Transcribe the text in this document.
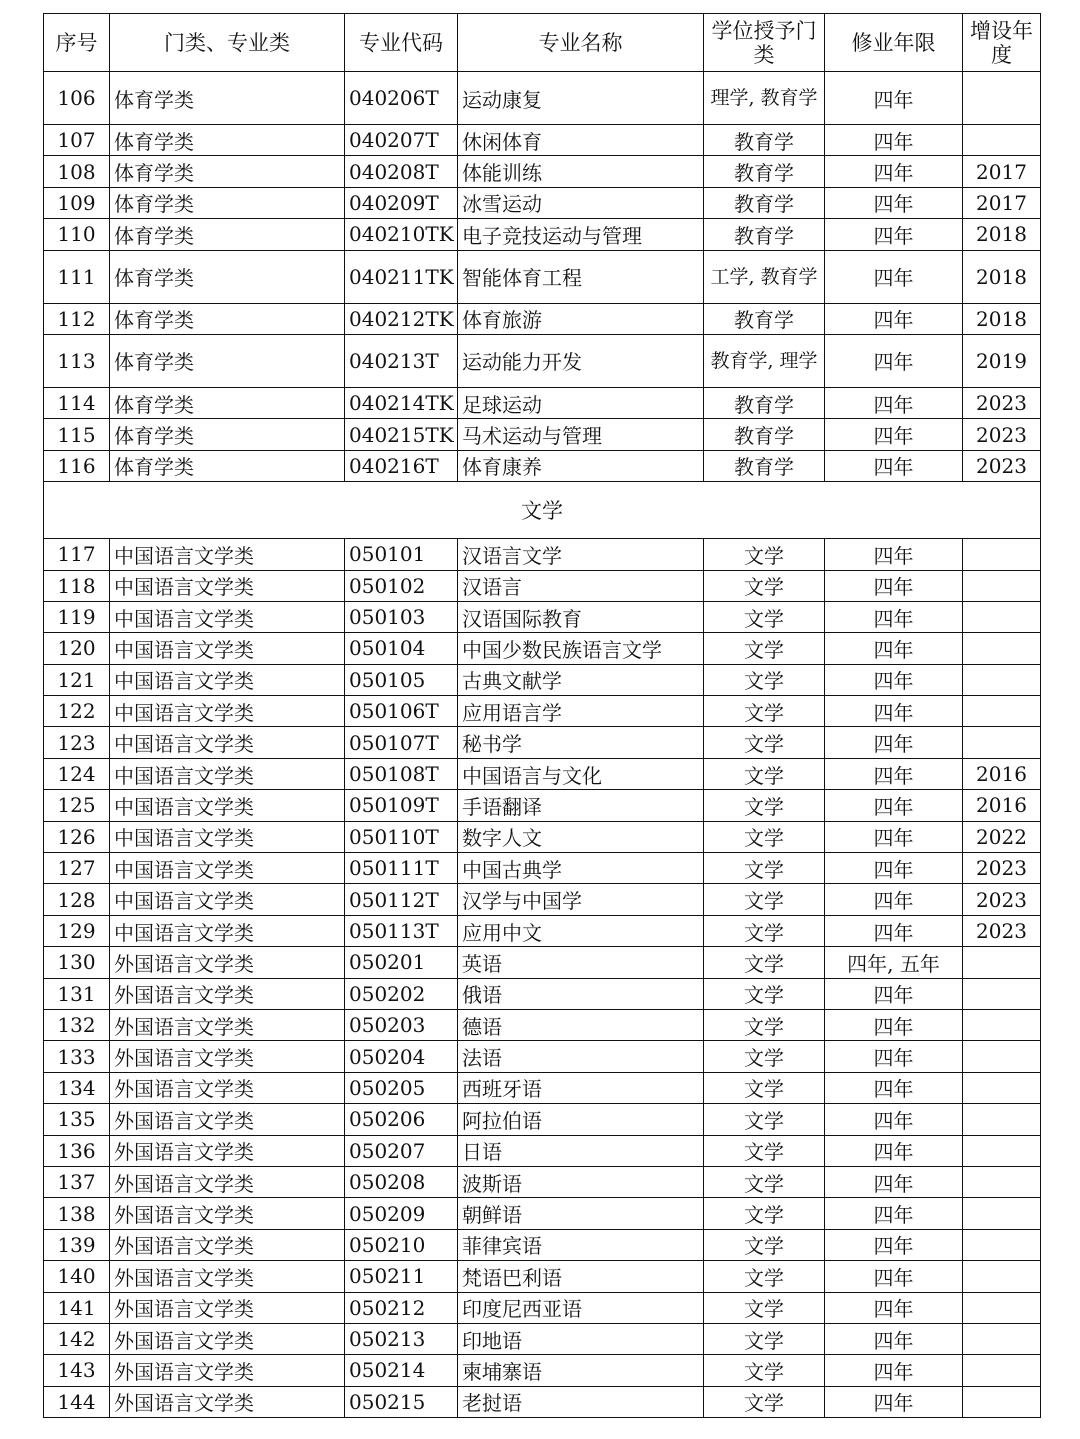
序号	门类、专业类	专业代码	专业名称	学位授予门类	修业年限	增设年度
106	体育学类	040206T	运动康复	理学, 教育学	四年	
107	体育学类	040207T	休闲体育	教育学	四年	
108	体育学类	040208T	体能训练	教育学	四年	2017
109	体育学类	040209T	冰雪运动	教育学	四年	2017
110	体育学类	040210TK	电子竞技运动与管理	教育学	四年	2018
111	体育学类	040211TK	智能体育工程	工学, 教育学	四年	2018
112	体育学类	040212TK	体育旅游	教育学	四年	2018
113	体育学类	040213T	运动能力开发	教育学, 理学	四年	2019
114	体育学类	040214TK	足球运动	教育学	四年	2023
115	体育学类	040215TK	马术运动与管理	教育学	四年	2023
116	体育学类	040216T	体育康养	教育学	四年	2023
文学						
117	中国语言文学类	050101	汉语言文学	文学	四年	
118	中国语言文学类	050102	汉语言	文学	四年	
119	中国语言文学类	050103	汉语国际教育	文学	四年	
120	中国语言文学类	050104	中国少数民族语言文学	文学	四年	
121	中国语言文学类	050105	古典文献学	文学	四年	
122	中国语言文学类	050106T	应用语言学	文学	四年	
123	中国语言文学类	050107T	秘书学	文学	四年	
124	中国语言文学类	050108T	中国语言与文化	文学	四年	2016
125	中国语言文学类	050109T	手语翻译	文学	四年	2016
126	中国语言文学类	050110T	数字人文	文学	四年	2022
127	中国语言文学类	050111T	中国古典学	文学	四年	2023
128	中国语言文学类	050112T	汉学与中国学	文学	四年	2023
129	中国语言文学类	050113T	应用中文	文学	四年	2023
130	外国语言文学类	050201	英语	文学	四年, 五年	
131	外国语言文学类	050202	俄语	文学	四年	
132	外国语言文学类	050203	德语	文学	四年	
133	外国语言文学类	050204	法语	文学	四年	
134	外国语言文学类	050205	西班牙语	文学	四年	
135	外国语言文学类	050206	阿拉伯语	文学	四年	
136	外国语言文学类	050207	日语	文学	四年	
137	外国语言文学类	050208	波斯语	文学	四年	
138	外国语言文学类	050209	朝鲜语	文学	四年	
139	外国语言文学类	050210	菲律宾语	文学	四年	
140	外国语言文学类	050211	梵语巴利语	文学	四年	
141	外国语言文学类	050212	印度尼西亚语	文学	四年	
142	外国语言文学类	050213	印地语	文学	四年	
143	外国语言文学类	050214	柬埔寨语	文学	四年	
144	外国语言文学类	050215	老挝语	文学	四年	
